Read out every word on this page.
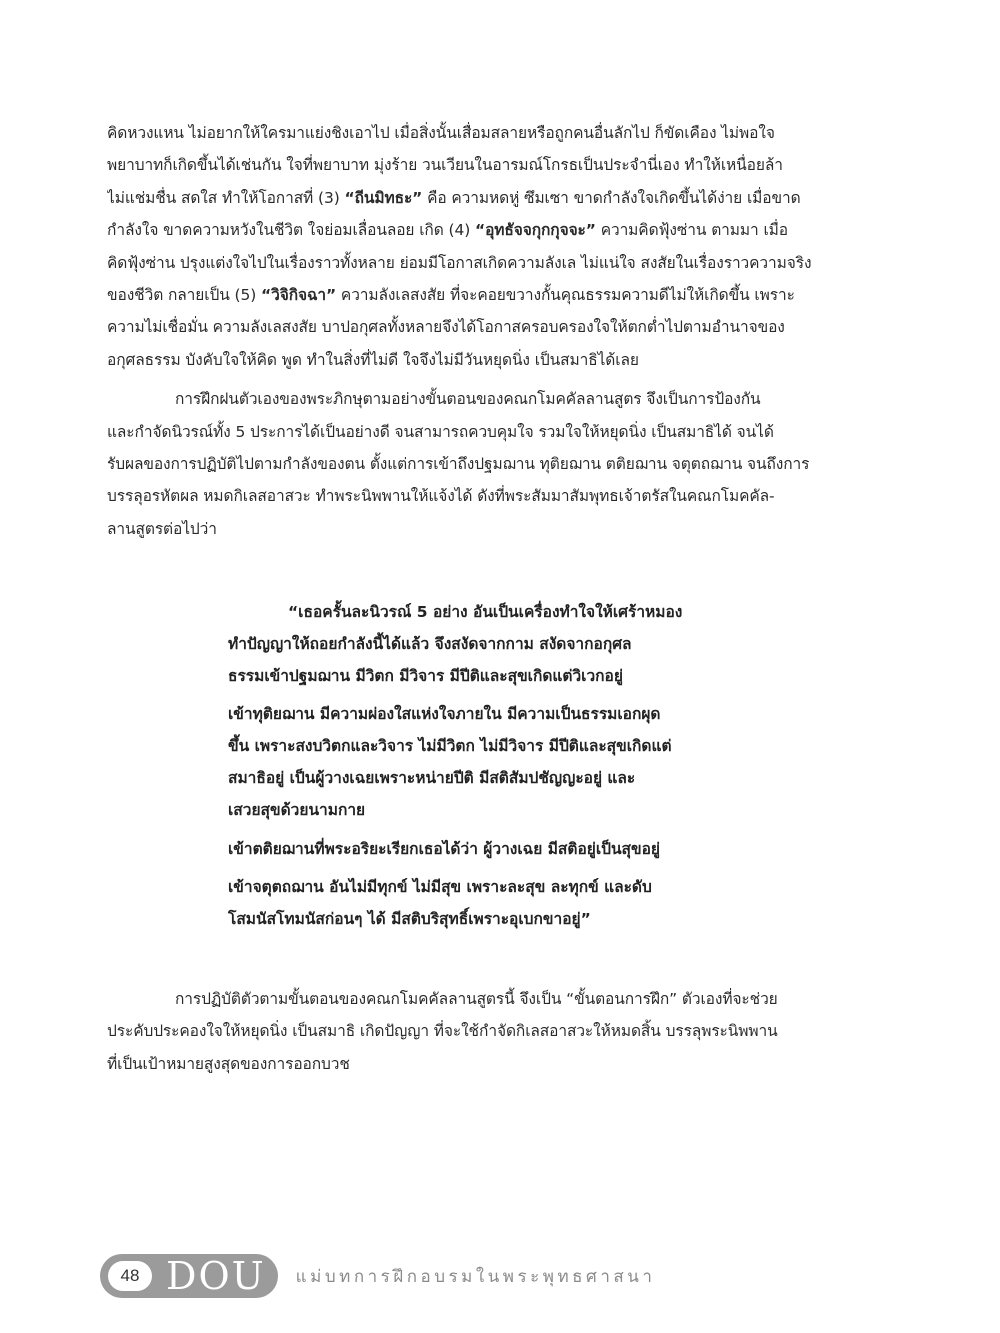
คิดหวงแหน ไม่อยากให้ใครมาแย่งชิงเอาไป เมื่อสิ่งนั้นเสื่อมสลายหรือถูกคนอื่นลักไป ก็ขัดเคือง ไม่พอใจ
พยาบาทก็เกิดขึ้นได้เช่นกัน ใจที่พยาบาท มุ่งร้าย วนเวียนในอารมณ์โกรธเป็นประจำนี่เอง ทำให้เหนื่อยล้า
ไม่แช่มชื่น สดใส ทำให้โอกาสที่ (3) “ถีนมิทธะ” คือ ความหดหู่ ซึมเซา ขาดกำลังใจเกิดขึ้นได้ง่าย เมื่อขาด
กำลังใจ ขาดความหวังในชีวิต ใจย่อมเลื่อนลอย เกิด (4) “อุทธัจจกุกกุจจะ” ความคิดฟุ้งซ่าน ตามมา เมื่อ
คิดฟุ้งซ่าน ปรุงแต่งใจไปในเรื่องราวทั้งหลาย ย่อมมีโอกาสเกิดความลังเล ไม่แน่ใจ สงสัยในเรื่องราวความจริง
ของชีวิต กลายเป็น (5) “วิจิกิจฉา” ความลังเลสงสัย ที่จะคอยขวางกั้นคุณธรรมความดีไม่ให้เกิดขึ้น เพราะ
ความไม่เชื่อมั่น ความลังเลสงสัย บาปอกุศลทั้งหลายจึงได้โอกาสครอบครองใจให้ตกต่ำไปตามอำนาจของ
อกุศลธรรม บังคับใจให้คิด พูด ทำในสิ่งที่ไม่ดี ใจจึงไม่มีวันหยุดนิ่ง เป็นสมาธิได้เลย

การฝึกฝนตัวเองของพระภิกษุตามอย่างขั้นตอนของคณกโมคคัลลานสูตร จึงเป็นการป้องกัน
และกำจัดนิวรณ์ทั้ง 5 ประการได้เป็นอย่างดี จนสามารถควบคุมใจ รวมใจให้หยุดนิ่ง เป็นสมาธิได้ จนได้
รับผลของการปฏิบัติไปตามกำลังของตน ตั้งแต่การเข้าถึงปฐมฌาน ทุติยฌาน ตติยฌาน จตุตถฌาน จนถึงการ
บรรลุอรหัตผล หมดกิเลสอาสวะ ทำพระนิพพานให้แจ้งได้ ดังที่พระสัมมาสัมพุทธเจ้าตรัสในคณกโมคคัล-
ลานสูตรต่อไปว่า

“เธอครั้นละนิวรณ์ 5 อย่าง อันเป็นเครื่องทำใจให้เศร้าหมอง
ทำปัญญาให้ถอยกำลังนี้ได้แล้ว จึงสงัดจากกาม สงัดจากอกุศล
ธรรมเข้าปฐมฌาน มีวิตก มีวิจาร มีปีติและสุขเกิดแต่วิเวกอยู่
เข้าทุติยฌาน มีความผ่องใสแห่งใจภายใน มีความเป็นธรรมเอกผุด
ขึ้น เพราะสงบวิตกและวิจาร ไม่มีวิตก ไม่มีวิจาร มีปีติและสุขเกิดแต่
สมาธิอยู่ เป็นผู้วางเฉยเพราะหน่ายปีติ มีสติสัมปชัญญะอยู่ และ
เสวยสุขด้วยนามกาย
เข้าตติยฌานที่พระอริยะเรียกเธอได้ว่า ผู้วางเฉย มีสติอยู่เป็นสุขอยู่
เข้าจตุตถฌาน อันไม่มีทุกข์ ไม่มีสุข เพราะละสุข ละทุกข์ และดับ
โสมนัสโทมนัสก่อนๆ ได้ มีสติบริสุทธิ์เพราะอุเบกขาอยู่”

การปฏิบัติตัวตามขั้นตอนของคณกโมคคัลลานสูตรนี้ จึงเป็น “ขั้นตอนการฝึก” ตัวเองที่จะช่วย
ประคับประคองใจให้หยุดนิ่ง เป็นสมาธิ เกิดปัญญา ที่จะใช้กำจัดกิเลสอาสวะให้หมดสิ้น บรรลุพระนิพพาน
ที่เป็นเป้าหมายสูงสุดของการออกบวช

48 DOU แม่บทการฝึกอบรมในพระพุทธศาสนา
